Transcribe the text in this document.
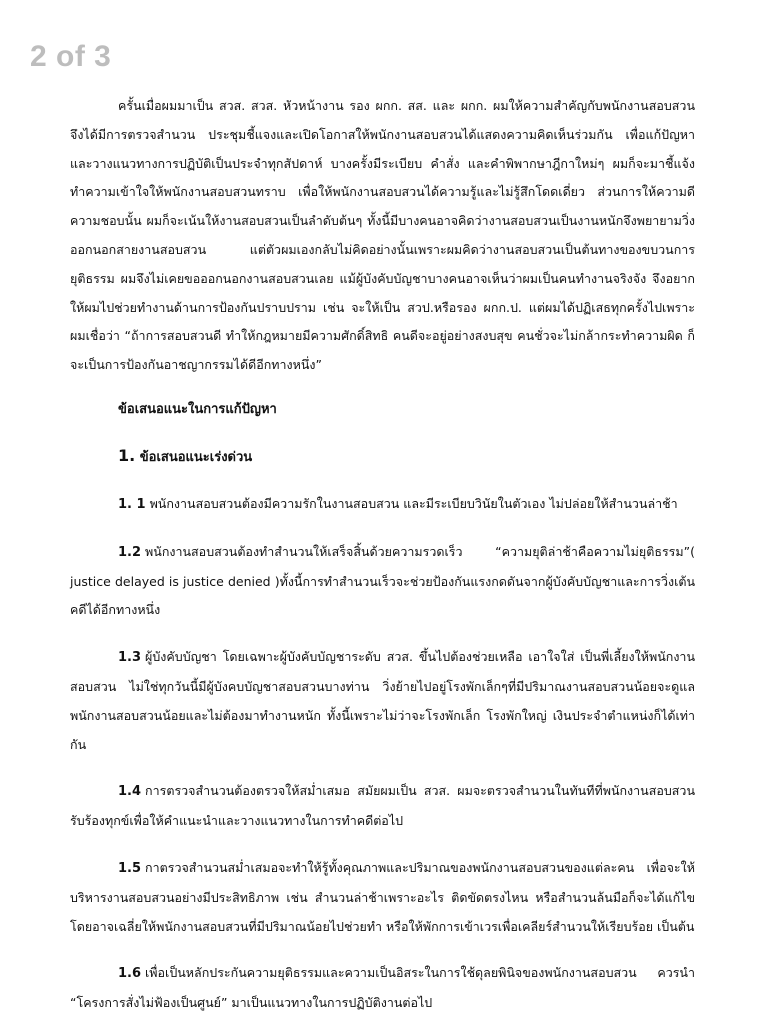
2 of 3

ครั้นเมื่อผมมาเป็น สวส. สวส. หัวหน้างาน รอง ผกก. สส. และ ผกก. ผมให้ความสำคัญกับพนักงานสอบสวน จึงได้มีการตรวจสำนวน ประชุมชี้แจงและเปิดโอกาสให้พนักงานสอบสวนได้แสดงความคิดเห็นร่วมกัน เพื่อแก้ปัญหาและวางแนวทางการปฏิบัติเป็นประจำทุกสัปดาห์ บางครั้งมีระเบียบ คำสั่ง และคำพิพากษาฎีกาใหม่ๆ ผมก็จะมาชี้แจ้งทำความเข้าใจให้พนักงานสอบสวนทราบ เพื่อให้พนักงานสอบสวนได้ความรู้และไม่รู้สึกโดดเดี่ยว ส่วนการให้ความดีความชอบนั้น ผมก็จะเน้นให้งานสอบสวนเป็นลำดับต้นๆ ทั้งนี้มีบางคนอาจคิดว่างานสอบสวนเป็นงานหนักจึงพยายามวิ่งออกนอกสายงานสอบสวน แต่ตัวผมเองกลับไม่คิดอย่างนั้นเพราะผมคิดว่างานสอบสวนเป็นต้นทางของขบวนการยุติธรรม ผมจึงไม่เคยขอออกนอกงานสอบสวนเลย แม้ผู้บังคับบัญชาบางคนอาจเห็นว่าผมเป็นคนทำงานจริงจัง จึงอยากให้ผมไปช่วยทำงานด้านการป้องกันปราบปราม เช่น จะให้เป็น สวป.หรือรอง ผกก.ป. แต่ผมได้ปฏิเสธทุกครั้งไปเพราะผมเชื่อว่า “ถ้าการสอบสวนดี ทำให้กฎหมายมีความศักดิ์สิทธิ คนดีจะอยู่อย่างสงบสุข คนชั่วจะไม่กล้ากระทำความผิด ก็จะเป็นการป้องกันอาชญากรรมได้ดีอีกทางหนึ่ง”

ข้อเสนอแนะในการแก้ปัญหา
1. ข้อเสนอแนะเร่งด่วน

1. 1 พนักงานสอบสวนต้องมีความรักในงานสอบสวน และมีระเบียบวินัยในตัวเอง ไม่ปล่อยให้สำนวนล่าช้า

1.2 พนักงานสอบสวนต้องทำสำนวนให้เสร็จสิ้นด้วยความรวดเร็ว “ความยุติล่าช้าคือความไม่ยุติธรรม”( justice delayed is justice denied )ทั้งนี้การทำสำนวนเร็วจะช่วยป้องกันแรงกดดันจากผู้บังคับบัญชาและการวิ่งเต้นคดีได้อีกทางหนึ่ง

1.3 ผู้บังคับบัญชา โดยเฉพาะผู้บังคับบัญชาระดับ สวส. ขึ้นไปต้องช่วยเหลือ เอาใจใส่ เป็นพี่เลี้ยงให้พนักงานสอบสวน ไม่ใช่ทุกวันนี้มีผู้บังคบบัญชาสอบสวนบางท่าน วิ่งย้ายไปอยู่โรงพักเล็กๆที่มีปริมาณงานสอบสวนน้อยจะดูแลพนักงานสอบสวนน้อยและไม่ต้องมาทำงานหนัก ทั้งนี้เพราะไม่ว่าจะโรงพักเล็ก โรงพักใหญ่ เงินประจำตำแหน่งก็ได้เท่ากัน

1.4 การตรวจสำนวนต้องตรวจให้สม่ำเสมอ สมัยผมเป็น สวส. ผมจะตรวจสำนวนในทันทีที่พนักงานสอบสวนรับร้องทุกข์เพื่อให้คำแนะนำและวางแนวทางในการทำคดีต่อไป

1.5 กาตรวจสำนวนสม่ำเสมอจะทำให้รู้ทั้งคุณภาพและปริมาณของพนักงานสอบสวนของแต่ละคน เพื่อจะให้บริหารงานสอบสวนอย่างมีประสิทธิภาพ เช่น สำนวนล่าช้าเพราะอะไร ติดขัดตรงไหน หรือสำนวนล้นมือก็จะได้แก้ไขโดยอาจเฉลี่ยให้พนักงานสอบสวนที่มีปริมาณน้อยไปช่วยทำ หรือให้พักการเข้าเวรเพื่อเคลียร์สำนวนให้เรียบร้อย เป็นต้น

1.6 เพื่อเป็นหลักประกันความยุติธรรมและความเป็นอิสระในการใช้ดุลยพินิจของพนักงานสอบสวน ควรนำ “โครงการสั่งไม่ฟ้องเป็นศูนย์” มาเป็นแนวทางในการปฏิบัติงานต่อไป
